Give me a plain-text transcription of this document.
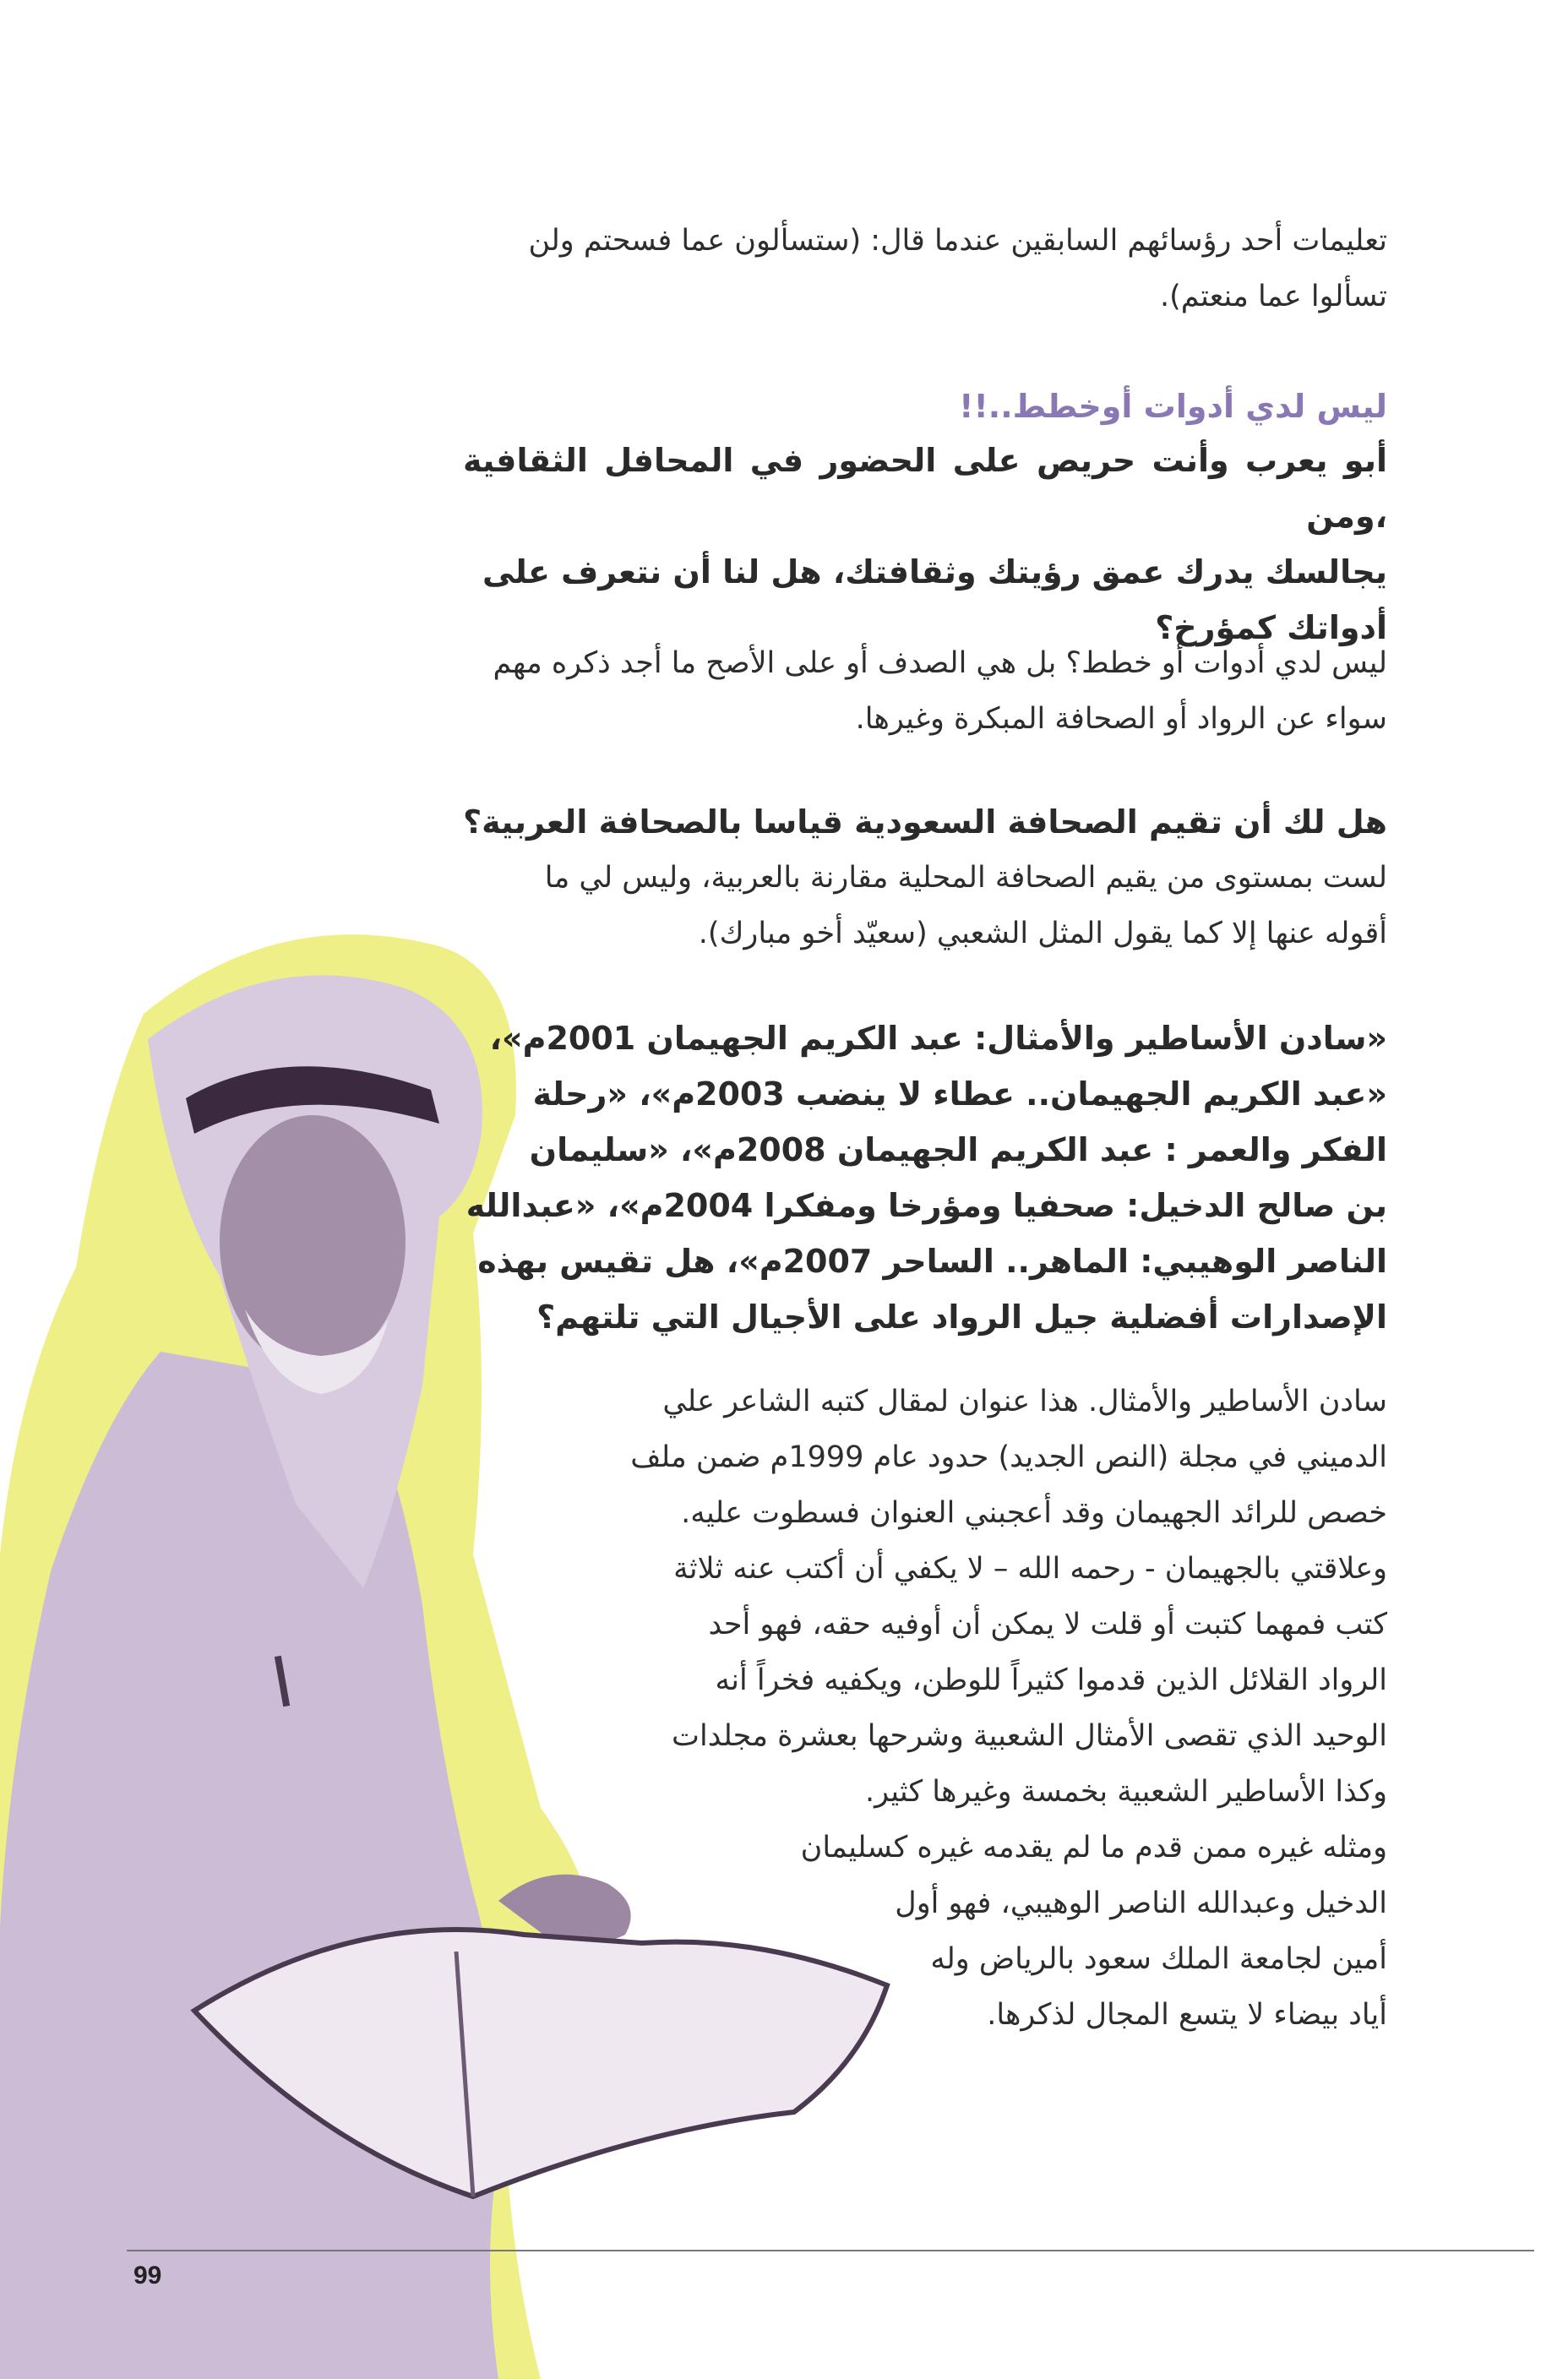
تعليمات أحد رؤسائهم السابقين عندما قال: (ستسألون عما فسحتم ولن
تسألوا عما منعتم).

ليس لدي أدوات أوخطط..!!

أبو يعرب وأنت حريص على الحضور في المحافل الثقافية ،ومن
يجالسك يدرك عمق رؤيتك وثقافتك، هل لنا أن نتعرف على
أدواتك كمؤرخ؟

ليس لدي أدوات أو خطط؟ بل هي الصدف أو على الأصح ما أجد ذكره مهم
سواء عن الرواد أو الصحافة المبكرة وغيرها.

هل لك أن تقيم الصحافة السعودية قياسا بالصحافة العربية؟

لست بمستوى من يقيم الصحافة المحلية مقارنة بالعربية، وليس لي ما
أقوله عنها إلا كما يقول المثل الشعبي (سعيّد أخو مبارك).

«سادن الأساطير والأمثال: عبد الكريم الجهيمان 2001م»،
«عبد الكريم الجهيمان.. عطاء لا ينضب 2003م»، «رحلة
الفكر والعمر : عبد الكريم الجهيمان 2008م»، «سليمان
بن صالح الدخيل: صحفيا ومؤرخا ومفكرا 2004م»، «عبدالله
الناصر الوهيبي: الماهر.. الساحر 2007م»، هل تقيس بهذه
الإصدارات أفضلية جيل الرواد على الأجيال التي تلتهم؟

سادن الأساطير والأمثال. هذا عنوان لمقال كتبه الشاعر علي
الدميني في مجلة (النص الجديد) حدود عام 1999م ضمن ملف
خصص للرائد الجهيمان وقد أعجبني العنوان فسطوت عليه.
وعلاقتي بالجهيمان - رحمه الله – لا يكفي أن أكتب عنه ثلاثة
كتب فمهما كتبت أو قلت لا يمكن أن أوفيه حقه، فهو أحد
الرواد القلائل الذين قدموا كثيراً للوطن، ويكفيه فخراً أنه
الوحيد الذي تقصى الأمثال الشعبية وشرحها بعشرة مجلدات
وكذا الأساطير الشعبية بخمسة وغيرها كثير.

ومثله غيره ممن قدم ما لم يقدمه غيره كسليمان
الدخيل وعبدالله الناصر الوهيبي، فهو أول

أمين لجامعة الملك سعود بالرياض وله
أياد بيضاء لا يتسع المجال لذكرها.

99
